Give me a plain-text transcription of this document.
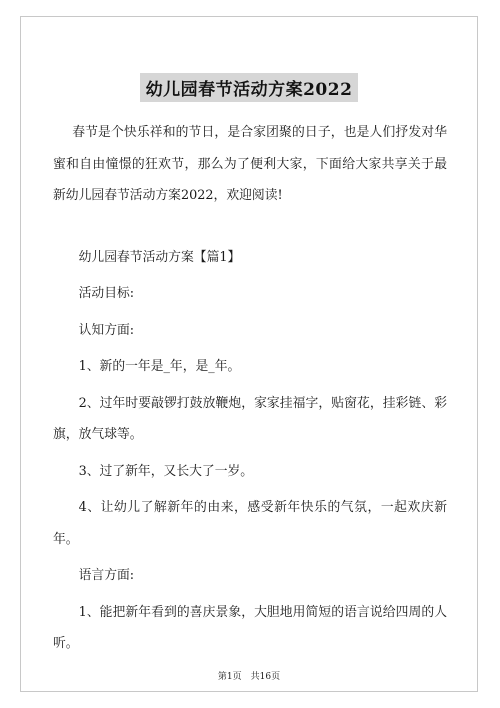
幼儿园春节活动方案2022

春节是个快乐祥和的节日，是合家团聚的日子，也是人们抒发对华蜜和自由憧憬的狂欢节，那么为了便利大家，下面给大家共享关于最新幼儿园春节活动方案2022，欢迎阅读!

幼儿园春节活动方案【篇1】

活动目标:

认知方面:

1、新的一年是_年，是_年。

2、过年时要敲锣打鼓放鞭炮，家家挂福字，贴窗花，挂彩链、彩旗，放气球等。

3、过了新年，又长大了一岁。

4、让幼儿了解新年的由来，感受新年快乐的气氛，一起欢庆新年。

语言方面:

1、能把新年看到的喜庆景象，大胆地用简短的语言说给四周的人听。

第1页　共16页
